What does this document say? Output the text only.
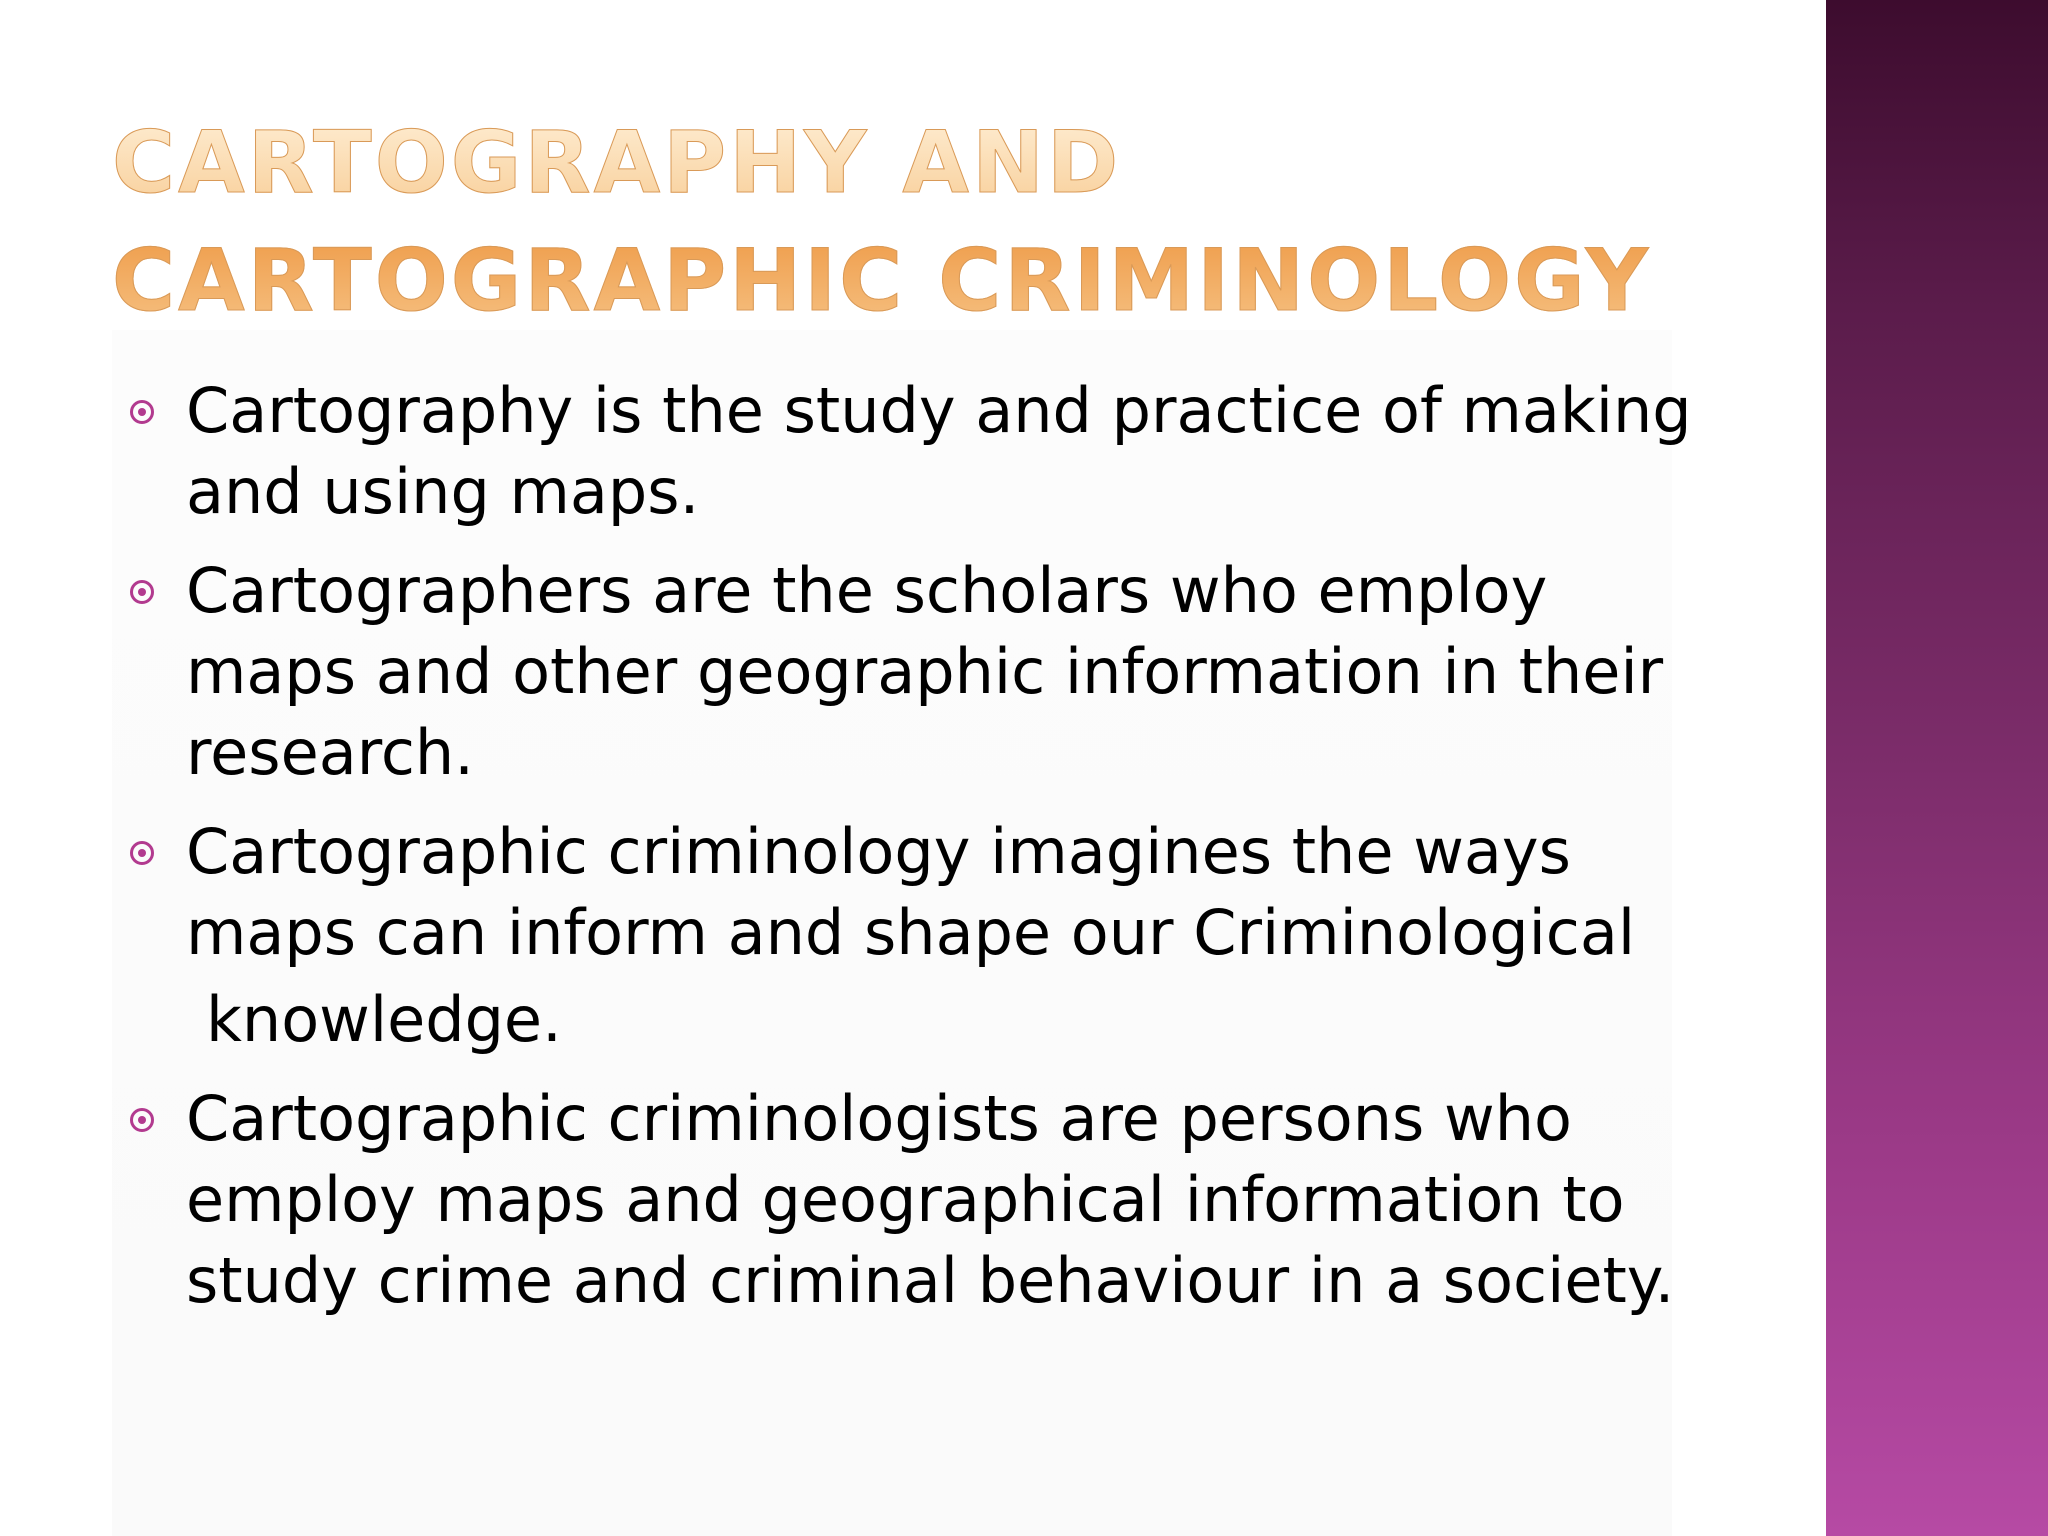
CARTOGRAPHY AND CARTOGRAPHIC CRIMINOLOGY
Cartography is the study and practice of making and using maps.
Cartographers are the scholars who employ maps and other geographic information in their research.
Cartographic criminology imagines the ways maps can inform and shape our Criminological
knowledge.
Cartographic criminologists are persons who employ maps and geographical information to study crime and criminal behaviour in a society.
